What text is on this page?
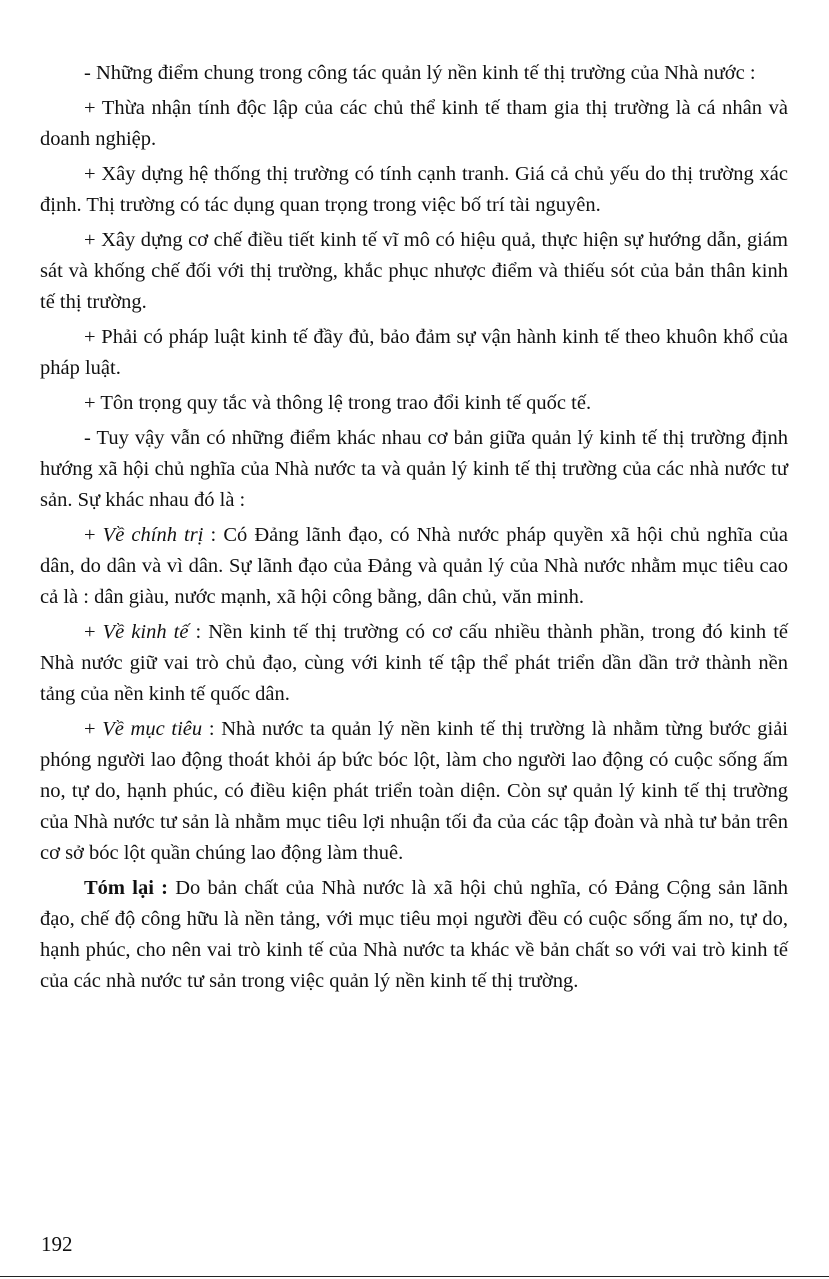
- Những điểm chung trong công tác quản lý nền kinh tế thị trường của Nhà nước :

+ Thừa nhận tính độc lập của các chủ thể kinh tế tham gia thị trường là cá nhân và doanh nghiệp.

+ Xây dựng hệ thống thị trường có tính cạnh tranh. Giá cả chủ yếu do thị trường xác định. Thị trường có tác dụng quan trọng trong việc bố trí tài nguyên.

+ Xây dựng cơ chế điều tiết kinh tế vĩ mô có hiệu quả, thực hiện sự hướng dẫn, giám sát và khống chế đối với thị trường, khắc phục nhược điểm và thiếu sót của bản thân kinh tế thị trường.

+ Phải có pháp luật kinh tế đầy đủ, bảo đảm sự vận hành kinh tế theo khuôn khổ của pháp luật.

+ Tôn trọng quy tắc và thông lệ trong trao đổi kinh tế quốc tế.

- Tuy vậy vẫn có những điểm khác nhau cơ bản giữa quản lý kinh tế thị trường định hướng xã hội chủ nghĩa của Nhà nước ta và quản lý kinh tế thị trường của các nhà nước tư sản. Sự khác nhau đó là :

+ Về chính trị : Có Đảng lãnh đạo, có Nhà nước pháp quyền xã hội chủ nghĩa của dân, do dân và vì dân. Sự lãnh đạo của Đảng và quản lý của Nhà nước nhằm mục tiêu cao cả là : dân giàu, nước mạnh, xã hội công bằng, dân chủ, văn minh.

+ Về kinh tế : Nền kinh tế thị trường có cơ cấu nhiều thành phần, trong đó kinh tế Nhà nước giữ vai trò chủ đạo, cùng với kinh tế tập thể phát triển dần dần trở thành nền tảng của nền kinh tế quốc dân.

+ Về mục tiêu : Nhà nước ta quản lý nền kinh tế thị trường là nhằm từng bước giải phóng người lao động thoát khỏi áp bức bóc lột, làm cho người lao động có cuộc sống ấm no, tự do, hạnh phúc, có điều kiện phát triển toàn diện. Còn sự quản lý kinh tế thị trường của Nhà nước tư sản là nhằm mục tiêu lợi nhuận tối đa của các tập đoàn và nhà tư bản trên cơ sở bóc lột quần chúng lao động làm thuê.

Tóm lại : Do bản chất của Nhà nước là xã hội chủ nghĩa, có Đảng Cộng sản lãnh đạo, chế độ công hữu là nền tảng, với mục tiêu mọi người đều có cuộc sống ấm no, tự do, hạnh phúc, cho nên vai trò kinh tế của Nhà nước ta khác về bản chất so với vai trò kinh tế của các nhà nước tư sản trong việc quản lý nền kinh tế thị trường.

192
